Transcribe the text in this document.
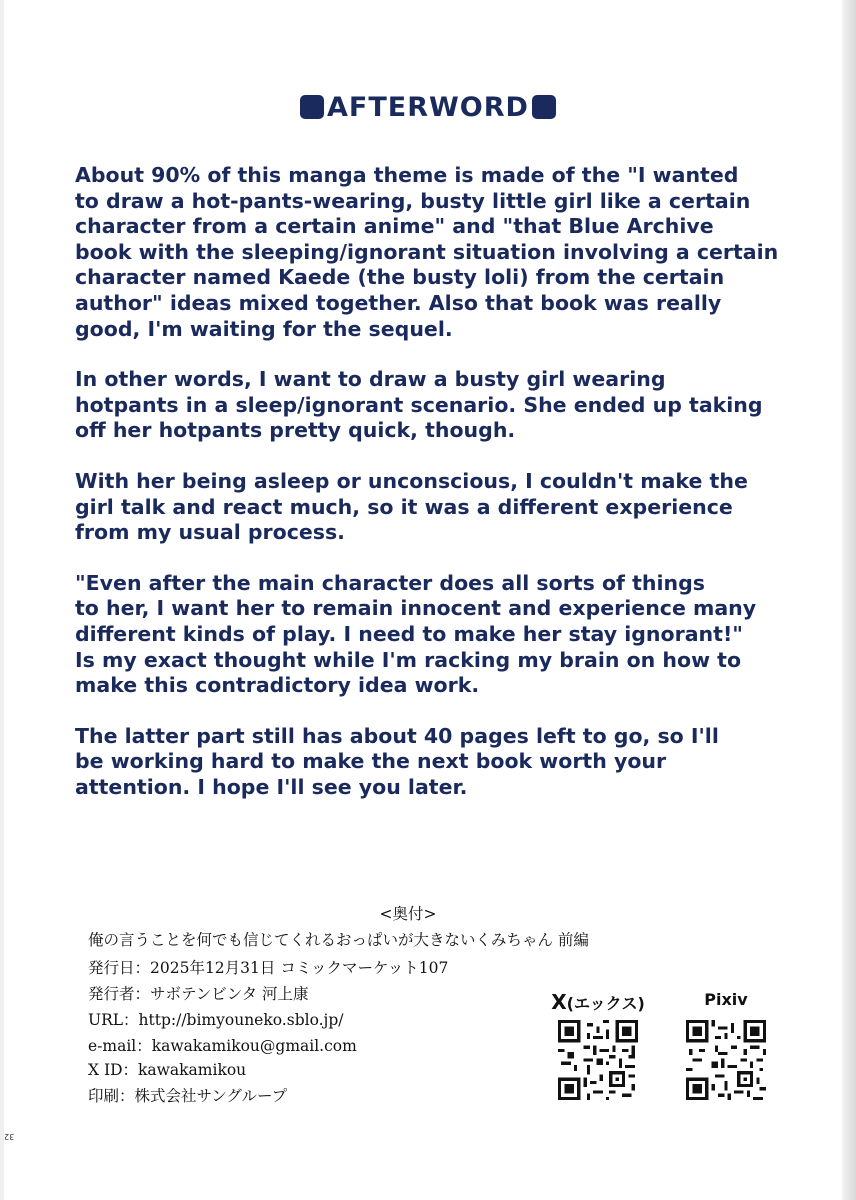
AFTERWORD

About 90% of this manga theme is made of the "I wanted
to draw a hot-pants-wearing, busty little girl like a certain
character from a certain anime" and "that Blue Archive
book with the sleeping/ignorant situation involving a certain
character named Kaede (the busty loli) from the certain
author" ideas mixed together. Also that book was really
good, I'm waiting for the sequel.

In other words, I want to draw a busty girl wearing
hotpants in a sleep/ignorant scenario. She ended up taking
off her hotpants pretty quick, though.

With her being asleep or unconscious, I couldn't make the
girl talk and react much, so it was a different experience
from my usual process.

"Even after the main character does all sorts of things
to her, I want her to remain innocent and experience many
different kinds of play. I need to make her stay ignorant!"
Is my exact thought while I'm racking my brain on how to
make this contradictory idea work.

The latter part still has about 40 pages left to go, so I'll
be working hard to make the next book worth your
attention. I hope I'll see you later.

<奥付>
俺の言うことを何でも信じてくれるおっぱいが大きないくみちゃん 前編
発行日：2025年12月31日 コミックマーケット107
発行者：サボテンビンタ 河上康
URL：http://bimyouneko.sblo.jp/
e-mail：kawakamikou@gmail.com
X ID：kawakamikou
印刷：株式会社サングループ
X(エックス)	Pixiv
32
